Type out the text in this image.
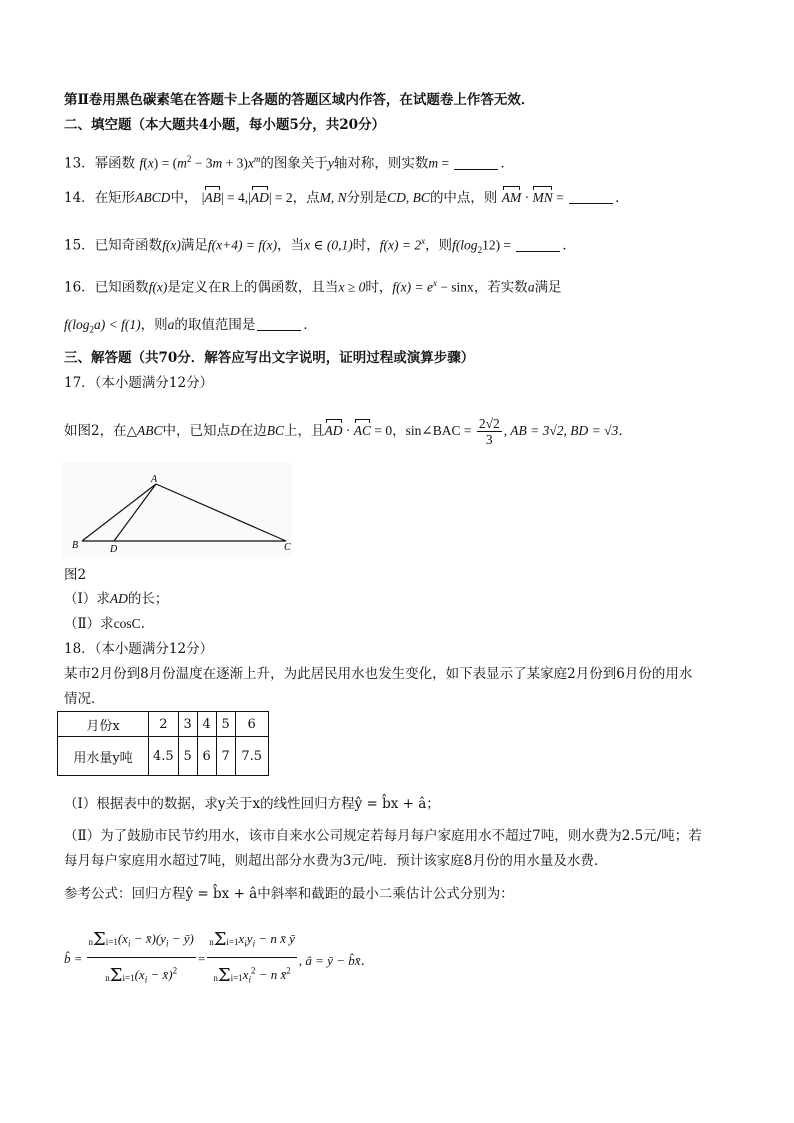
第Ⅱ卷用黑色碳素笔在答题卡上各题的答题区域内作答，在试题卷上作答无效．
二、填空题（本大题共4小题，每小题5分，共20分）
13．幂函数 $f(x) = (m^2 - 3m + 3)x^m$的图象关于y轴对称，则实数m =	．
14．在矩形ABCD中， |AB| = 4,|AD| = 2，点M, N分别是CD, BC的中点，则 AM · MN =	．
15．已知奇函数f(x)满足f(x+4) = f(x)，当x ∈ (0,1)时，$f(x) = 2^x$，则$f(\log_212)$ =	．
16．已知函数f(x)是定义在R上的偶函数，且当x ≥ 0时，$f(x) = e^x - \sin x$，若实数a满足
$f(\log_2a) < f(1)$，则a的取值范围是	．
三、解答题（共70分．解答应写出文字说明，证明过程或演算步骤）
17．（本小题满分12分）
如图2，在△ABC中，已知点D在边BC上，且AD · AC = 0，sin∠BAC = $\frac{2√2}{3}$ , AB = 3√2, BD = √3．
A
B	D	C
图2
（Ⅰ）求AD的长；
（Ⅱ）求cosC．
18．（本小题满分12分）
某市2月份到8月份温度在逐渐上升，为此居民用水也发生变化，如下表显示了某家庭2月份到6月份的用水
情况．
月份x	2	3	4	5	6
用水量y吨	4.5	5	6	7	7.5
（Ⅰ）根据表中的数据，求y关于x的线性回归方程ŷ = b̂x + â；
（Ⅱ）为了鼓励市民节约用水，该市自来水公司规定若每月每户家庭用水不超过7吨，则水费为2.5元/吨；若
每月每户家庭用水超过7吨，则超出部分水费为3元/吨．预计该家庭8月份的用水量及水费．
参考公式：回归方程ŷ = b̂x + â中斜率和截距的最小二乘估计公式分别为：
b̂ = $\frac{n\Sigma i=1(x_i - x̄)(y_i - ȳ)}{n\Sigma i=1(x_i - x̄)^2} = \frac{n\Sigma i=1x_iy_i - n x̄ ȳ}{n\Sigma i=1x_i^2 - n x̄^2}$ , â = ȳ − b̂x̄．
